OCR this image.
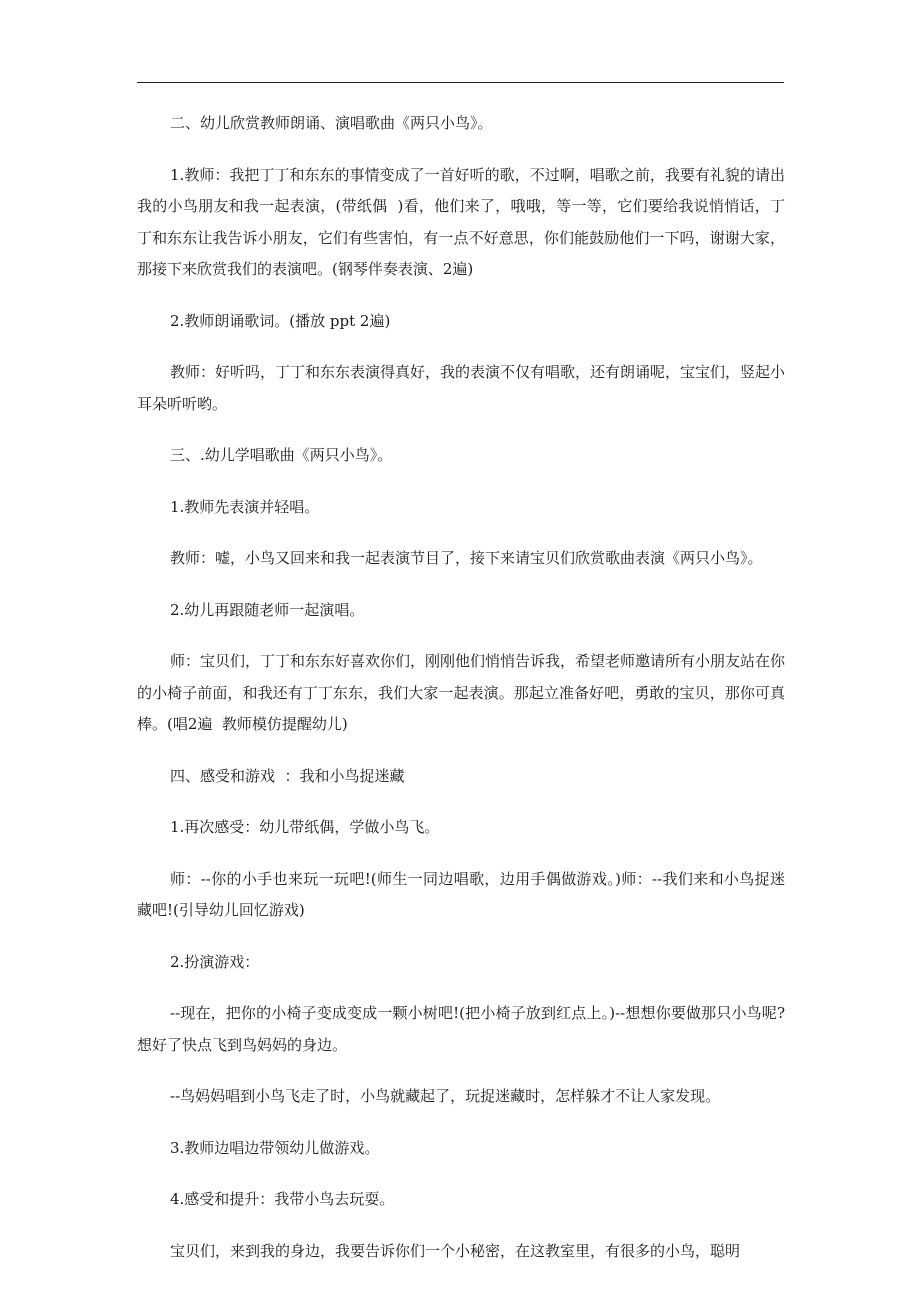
二、幼儿欣赏教师朗诵、演唱歌曲《两只小鸟》。

1.教师：我把丁丁和东东的事情变成了一首好听的歌，不过啊，唱歌之前，我要有礼貌的请出我的小鸟朋友和我一起表演，(带纸偶  )看，他们来了，哦哦，等一等，它们要给我说悄悄话，丁丁和东东让我告诉小朋友，它们有些害怕，有一点不好意思，你们能鼓励他们一下吗，谢谢大家，那接下来欣赏我们的表演吧。(钢琴伴奏表演、2遍)

2.教师朗诵歌词。(播放 ppt 2遍)

教师：好听吗，丁丁和东东表演得真好，我的表演不仅有唱歌，还有朗诵呢，宝宝们，竖起小耳朵听听哟。

三、.幼儿学唱歌曲《两只小鸟》。

1.教师先表演并轻唱。

教师：嘘，小鸟又回来和我一起表演节目了，接下来请宝贝们欣赏歌曲表演《两只小鸟》。

2.幼儿再跟随老师一起演唱。

师：宝贝们，丁丁和东东好喜欢你们，刚刚他们悄悄告诉我，希望老师邀请所有小朋友站在你的小椅子前面，和我还有丁丁东东，我们大家一起表演。那起立准备好吧，勇敢的宝贝，那你可真棒。(唱2遍  教师模仿提醒幼儿)

四、感受和游戏  ：我和小鸟捉迷藏

1.再次感受：幼儿带纸偶，学做小鸟飞。

师：--你的小手也来玩一玩吧!(师生一同边唱歌，边用手偶做游戏。)师：--我们来和小鸟捉迷藏吧!(引导幼儿回忆游戏)

2.扮演游戏：

--现在，把你的小椅子变成变成一颗小树吧!(把小椅子放到红点上。)--想想你要做那只小鸟呢?想好了快点飞到鸟妈妈的身边。

--鸟妈妈唱到小鸟飞走了时，小鸟就藏起了，玩捉迷藏时，怎样躲才不让人家发现。

3.教师边唱边带领幼儿做游戏。

4.感受和提升：我带小鸟去玩耍。

宝贝们，来到我的身边，我要告诉你们一个小秘密，在这教室里，有很多的小鸟，聪明
